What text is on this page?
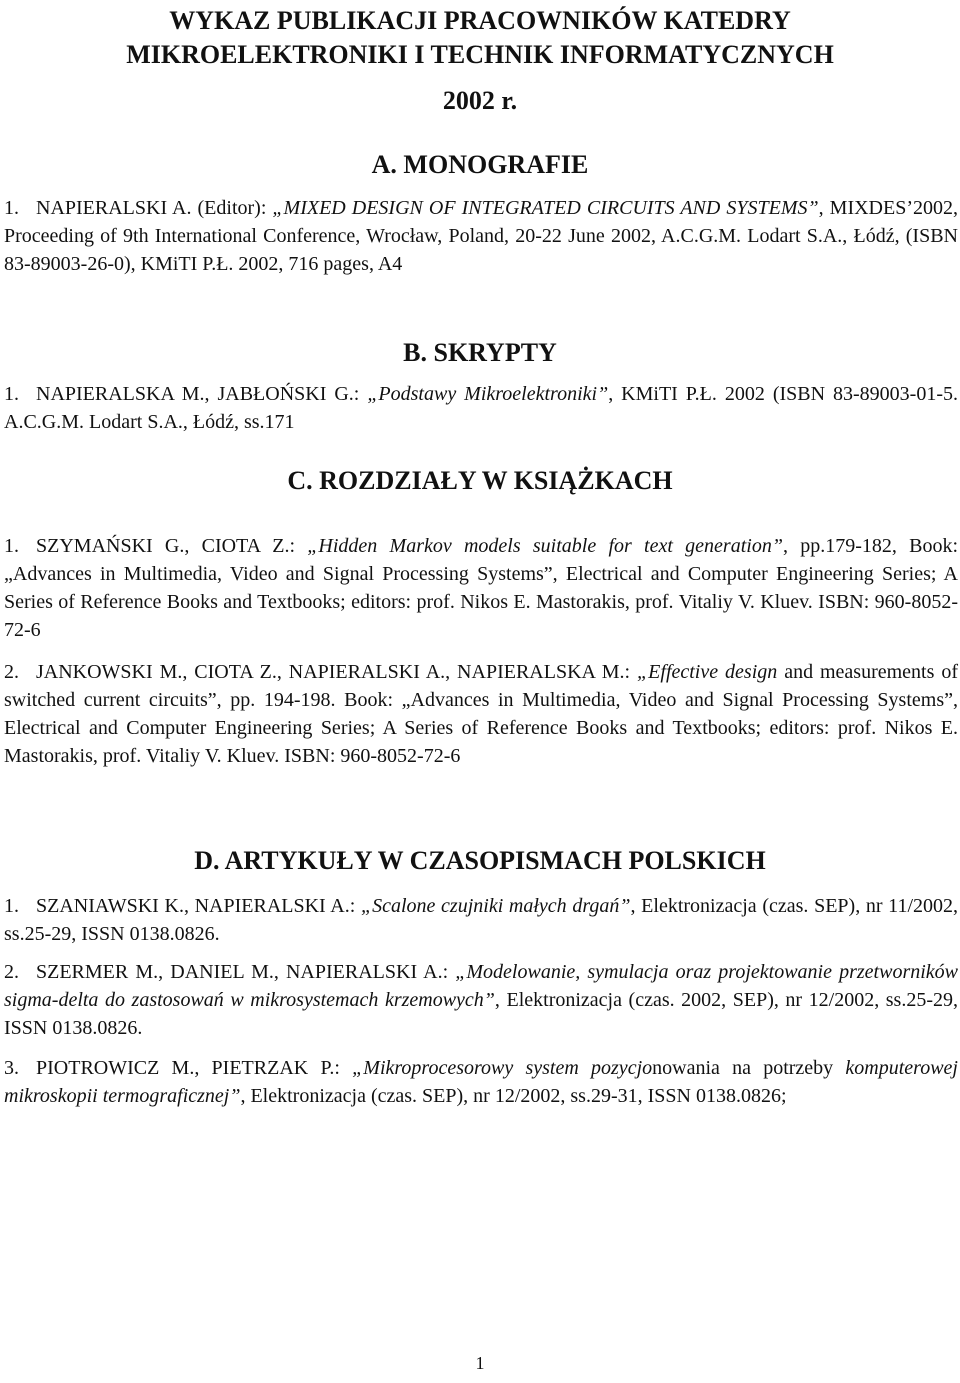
WYKAZ PUBLIKACJI PRACOWNIKÓW KATEDRY
MIKROELEKTRONIKI I TECHNIK INFORMATYCZNYCH
2002 r.
A. MONOGRAFIE
1. NAPIERALSKI A. (Editor): „MIXED DESIGN OF INTEGRATED CIRCUITS AND SYSTEMS”, MIXDES’2002, Proceeding of 9th International Conference, Wrocław, Poland, 20-22 June 2002, A.C.G.M. Lodart S.A., Łódź, (ISBN 83-89003-26-0), KMiTI P.Ł. 2002, 716 pages, A4
B. SKRYPTY
1. NAPIERALSKA M., JABŁOŃSKI G.: „Podstawy Mikroelektroniki”, KMiTI P.Ł. 2002 (ISBN 83-89003-01-5. A.C.G.M. Lodart S.A., Łódź, ss.171
C. ROZDZIAŁY W KSIĄŻKACH
1. SZYMAŃSKI G., CIOTA Z.: „Hidden Markov models suitable for text generation”, pp.179-182, Book: „Advances in Multimedia, Video and Signal Processing Systems”, Electrical and Computer Engineering Series; A Series of Reference Books and Textbooks; editors: prof. Nikos E. Mastorakis, prof. Vitaliy V. Kluev. ISBN: 960-8052-72-6
2. JANKOWSKI M., CIOTA Z., NAPIERALSKI A., NAPIERALSKA M.: „Effective design and measurements of switched current circuits”, pp. 194-198. Book: „Advances in Multimedia, Video and Signal Processing Systems”, Electrical and Computer Engineering Series; A Series of Reference Books and Textbooks; editors: prof. Nikos E. Mastorakis, prof. Vitaliy V. Kluev. ISBN: 960-8052-72-6
D. ARTYKUŁY W CZASOPISMACH POLSKICH
1. SZANIAWSKI K., NAPIERALSKI A.: „Scalone czujniki małych drgań”, Elektronizacja (czas. SEP), nr 11/2002, ss.25-29, ISSN 0138.0826.
2. SZERMER M., DANIEL M., NAPIERALSKI A.: „Modelowanie, symulacja oraz projektowanie przetworników sigma-delta do zastosowań w mikrosystemach krzemowych”, Elektronizacja (czas. 2002, SEP), nr 12/2002, ss.25-29, ISSN 0138.0826.
3. PIOTROWICZ M., PIETRZAK P.: „Mikroprocesorowy system pozycjonowania na potrzeby komputerowej mikroskopii termograficznej”, Elektronizacja (czas. SEP), nr 12/2002, ss.29-31, ISSN 0138.0826;
1
